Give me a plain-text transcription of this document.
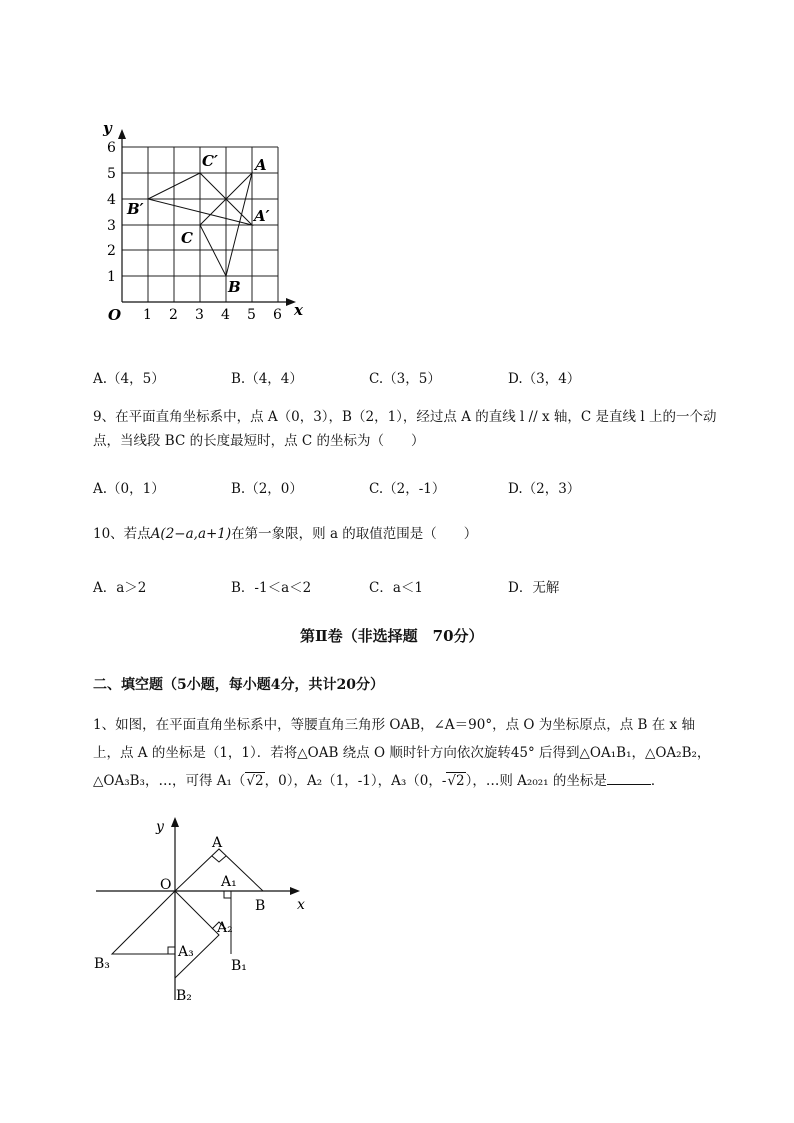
y
x
O 1 2 3 4 5 6
1
2
3
4
5
6
A
B
C
A′
B′
C′
A.（4，5）	B.（4，4）	C.（3，5）	D.（3，4）
9、在平面直角坐标系中，点 A（0，3），B（2，1），经过点 A 的直线 l // x 轴，C 是直线 l 上的一个动
点，当线段 BC 的长度最短时，点 C 的坐标为（　　）
A.（0，1）	B.（2，0）	C.（2，-1）	D.（2，3）
10、若点A(2−a,a+1)在第一象限，则 a 的取值范围是（　　）
A．a＞2	B．-1＜a＜2	C．a＜1	D．无解
第Ⅱ卷（非选择题　70分）
二、填空题（5小题，每小题4分，共计20分）
1、如图，在平面直角坐标系中，等腰直角三角形 OAB，∠A＝90°，点 O 为坐标原点，点 B 在 x 轴
上，点 A 的坐标是（1，1）．若将△OAB 绕点 O 顺时针方向依次旋转45° 后得到△OA₁B₁，△OA₂B₂，
△OA₃B₃，…，可得 A₁（√2，0），A₂（1，-1），A₃（0，-√2），…则 A₂₀₂₁ 的坐标是	．
y
x
O
A
A₁
B
A₂
B₁
A₃
B₃
B₂
